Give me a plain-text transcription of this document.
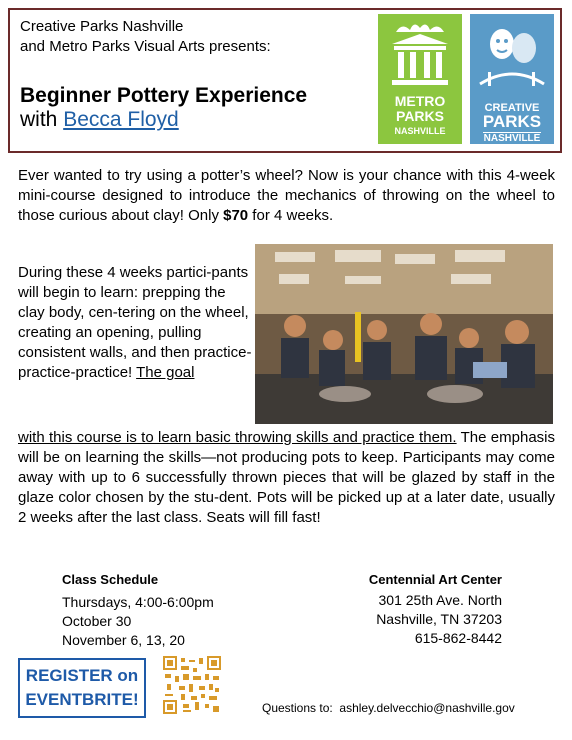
Creative Parks Nashville
and Metro Parks Visual Arts presents:
Beginner Pottery Experience
with Becca Floyd
METRO
PARKS
NASHVILLE
CREATIVE
PARKS
NASHVILLE
Ever wanted to try using a potter’s wheel? Now is your chance with this 4-week mini-course designed to introduce the mechanics of throwing on the wheel to those curious about clay! Only $70 for 4 weeks.
During these 4 weeks partici-pants will begin to learn: prepping the clay body, cen-tering on the wheel, creating an opening, pulling consistent walls, and then practice-practice-practice! The goal
with this course is to learn basic throwing skills and practice them. The emphasis will be on learning the skills—not producing pots to keep. Participants may come away with up to 6 successfully thrown pieces that will be glazed by staff in the glaze color chosen by the stu-dent. Pots will be picked up at a later date, usually 2 weeks after the last class. Seats will fill fast!
Class Schedule
Thursdays, 4:00-6:00pm
October 30
November 6, 13, 20
Centennial Art Center
301 25th Ave. North
Nashville, TN 37203
615-862-8442
REGISTER on
EVENTBRITE!	Questions to: ashley.delvecchio@nashville.gov
